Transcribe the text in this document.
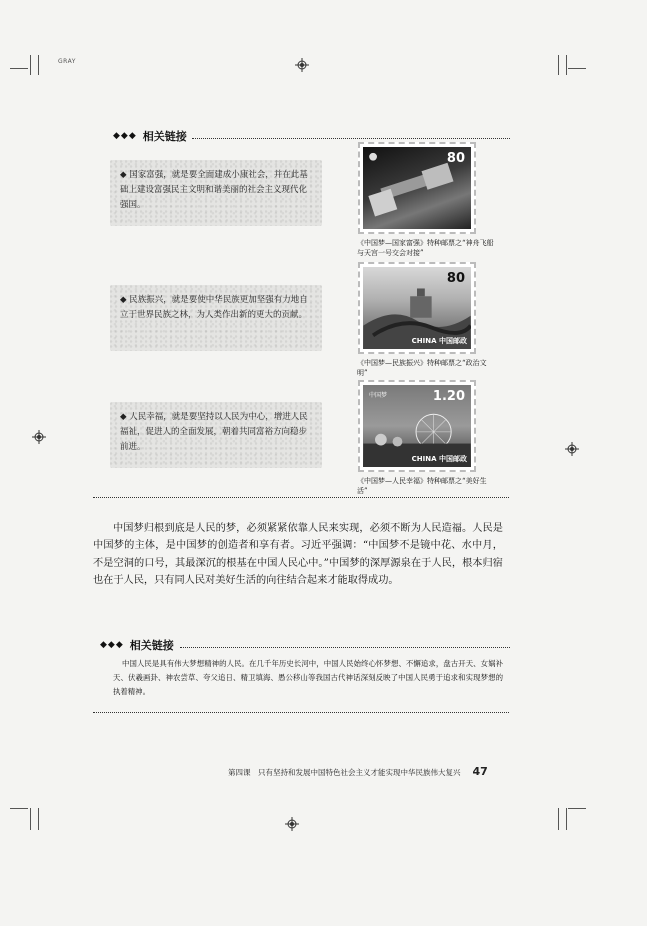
GRAY
◆◆◆ 相关链接
◆ 国家富强，就是要全面建成小康社会，并在此基础上建设富强民主文明和谐美丽的社会主义现代化强国。
◆ 民族振兴，就是要使中华民族更加坚强有力地自立于世界民族之林，为人类作出新的更大的贡献。
◆ 人民幸福，就是要坚持以人民为中心，增进人民福祉，促进人的全面发展，朝着共同富裕方向稳步前进。
80
《中国梦—国家富强》特种邮票之“神舟飞船与天宫一号交会对接”
80
CHINA 中国邮政
《中国梦—民族振兴》特种邮票之“政治文明”
中国梦	1.20
CHINA 中国邮政
《中国梦—人民幸福》特种邮票之“美好生活”

中国梦归根到底是人民的梦，必须紧紧依靠人民来实现，必须不断为人民造福。人民是中国梦的主体，是中国梦的创造者和享有者。习近平强调：“中国梦不是镜中花、水中月，不是空洞的口号，其最深沉的根基在中国人民心中。”中国梦的深厚源泉在于人民，根本归宿也在于人民，只有同人民对美好生活的向往结合起来才能取得成功。

◆◆◆ 相关链接
中国人民是具有伟大梦想精神的人民。在几千年历史长河中，中国人民始终心怀梦想、不懈追求，盘古开天、女娲补天、伏羲画卦、神农尝草、夸父追日、精卫填海、愚公移山等我国古代神话深刻反映了中国人民勇于追求和实现梦想的执着精神。
第四课　只有坚持和发展中国特色社会主义才能实现中华民族伟大复兴 47
